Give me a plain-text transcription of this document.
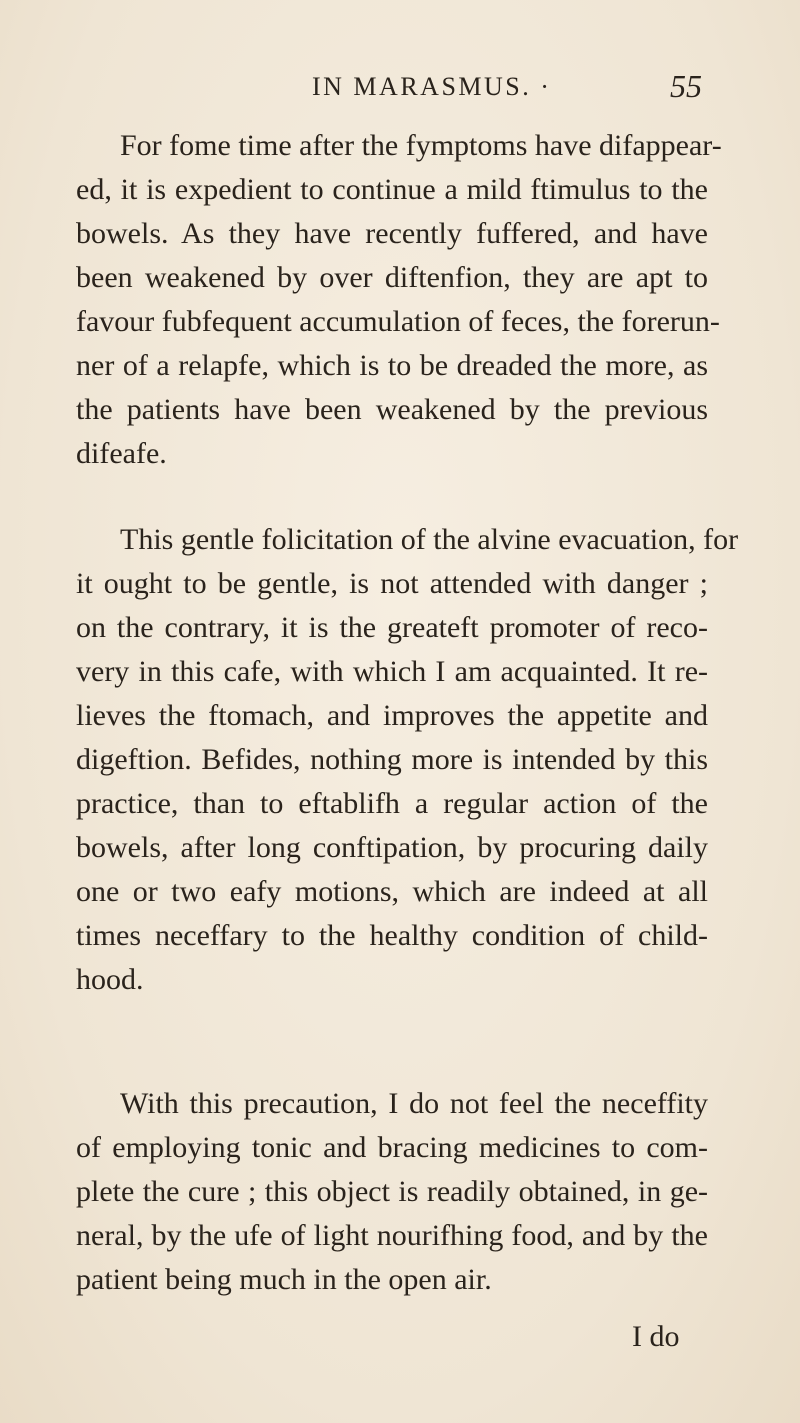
IN MARASMUS. ·	55
For fome time after the fymptoms have difappear-
ed, it is expedient to continue a mild ftimulus to the
bowels. As they have recently fuffered, and have
been weakened by over diftenfion, they are apt to
favour fubfequent accumulation of feces, the forerun-
ner of a relapfe, which is to be dreaded the more, as
the patients have been weakened by the previous
difeafe.
This gentle folicitation of the alvine evacuation, for
it ought to be gentle, is not attended with danger ;
on the contrary, it is the greateft promoter of reco-
very in this cafe, with which I am acquainted. It re-
lieves the ftomach, and improves the appetite and
digeftion. Befides, nothing more is intended by this
practice, than to eftablifh a regular action of the
bowels, after long conftipation, by procuring daily
one or two eafy motions, which are indeed at all
times neceffary to the healthy condition of child-
hood.
With this precaution, I do not feel the neceffity
of employing tonic and bracing medicines to com-
plete the cure ; this object is readily obtained, in ge-
neral, by the ufe of light nourifhing food, and by the
patient being much in the open air.
I do
